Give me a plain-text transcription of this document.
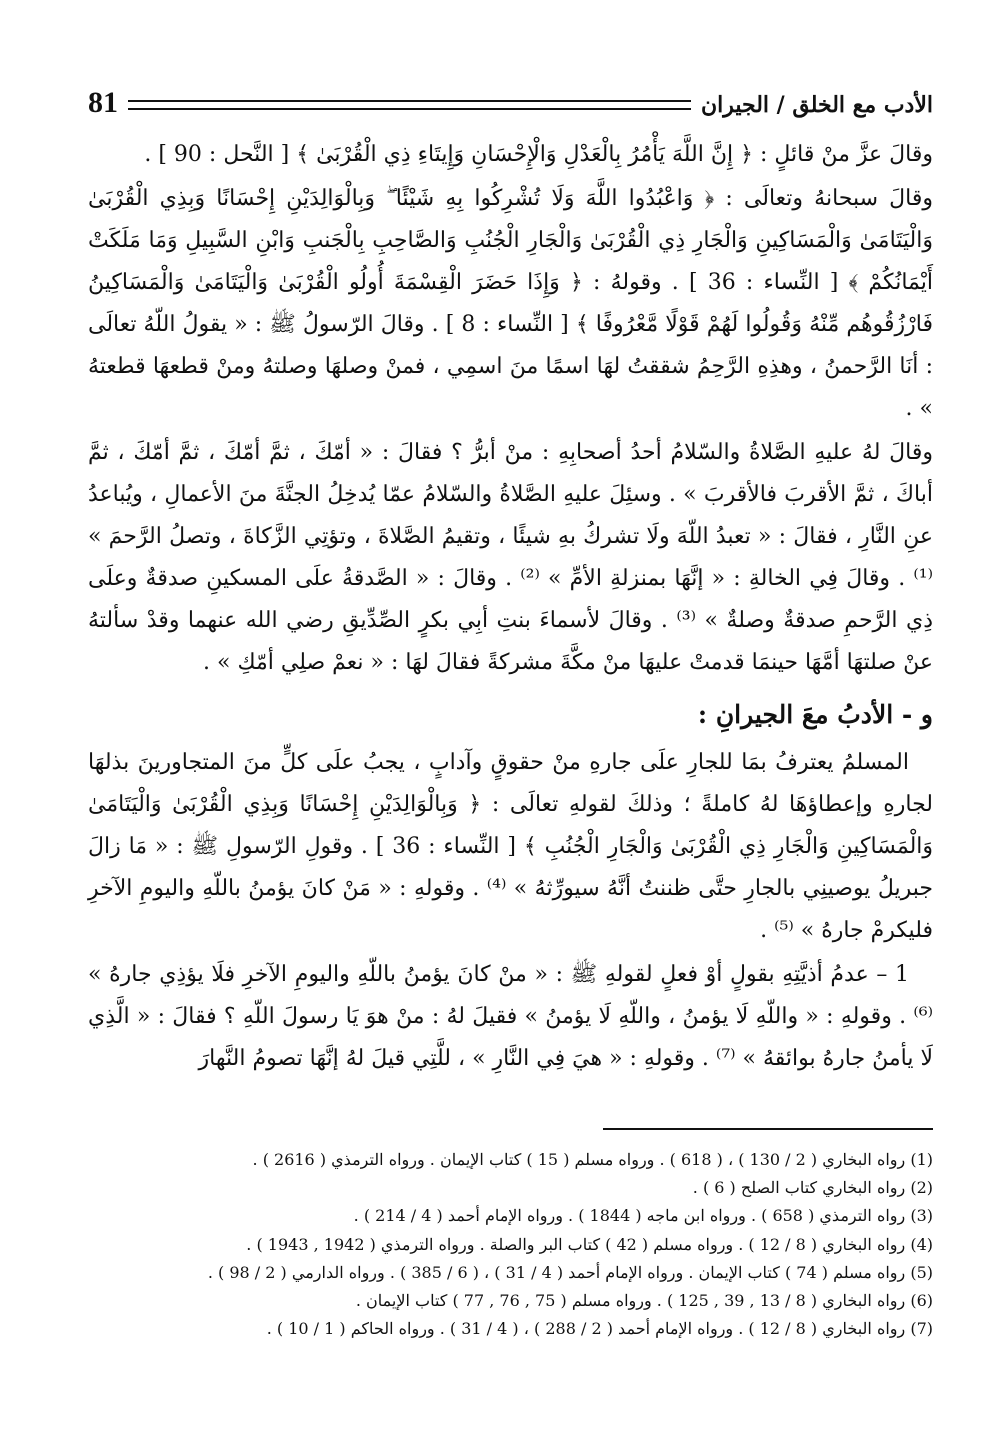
الأدب مع الخلق / الجيران
81

وقالَ عزَّ منْ قائلٍ : ﴿ إِنَّ اللَّهَ يَأْمُرُ بِالْعَدْلِ وَالْإِحْسَانِ وَإِيتَاءِ ذِي الْقُرْبَىٰ ﴾ [ النَّحل : 90 ] .

وقالَ سبحانهُ وتعالَى : ﴿ وَاعْبُدُوا اللَّهَ وَلَا تُشْرِكُوا بِهِ شَيْئًا ۖ وَبِالْوَالِدَيْنِ إِحْسَانًا وَبِذِي الْقُرْبَىٰ وَالْيَتَامَىٰ وَالْمَسَاكِينِ وَالْجَارِ ذِي الْقُرْبَىٰ وَالْجَارِ الْجُنُبِ وَالصَّاحِبِ بِالْجَنبِ وَابْنِ السَّبِيلِ وَمَا مَلَكَتْ أَيْمَانُكُمْ ﴾ [ النِّساء : 36 ] . وقولهُ : ﴿ وَإِذَا حَضَرَ الْقِسْمَةَ أُولُو الْقُرْبَىٰ وَالْيَتَامَىٰ وَالْمَسَاكِينُ فَارْزُقُوهُم مِّنْهُ وَقُولُوا لَهُمْ قَوْلًا مَّعْرُوفًا ﴾ [ النِّساء : 8 ] . وقالَ الرّسولُ ﷺ : « يقولُ اللّهُ تعالَى : أنَا الرَّحمنُ ، وهذِهِ الرَّحِمُ شققتُ لهَا اسمًا منَ اسمِي ، فمنْ وصلهَا وصلتهُ ومنْ قطعهَا قطعتهُ » .

وقالَ لهُ عليهِ الصَّلاةُ والسّلامُ أحدُ أصحابِهِ : منْ أبرُّ ؟ فقالَ : « أمّكَ ، ثمَّ أمّكَ ، ثمَّ أمّكَ ، ثمَّ أباكَ ، ثمَّ الأقربَ فالأقربَ » . وسئِلَ عليهِ الصَّلاةُ والسّلامُ عمّا يُدخِلُ الجنَّةَ منَ الأعمالِ ، ويُباعدُ عنِ النَّارِ ، فقالَ : « تعبدُ اللّهَ ولَا تشركُ بهِ شيئًا ، وتقيمُ الصَّلاةَ ، وتؤتِي الزَّكاةَ ، وتصلُ الرَّحمَ » ⁽¹⁾ . وقالَ فِي الخالةِ : « إنَّهَا بمنزلةِ الأمِّ » ⁽²⁾ . وقالَ : « الصَّدقةُ علَى المسكينِ صدقةٌ وعلَى ذِي الرَّحمِ صدقةٌ وصلةٌ » ⁽³⁾ . وقالَ لأسماءَ بنتِ أبِي بكرٍ الصِّدِّيقِ رضي الله عنهما وقدْ سألتهُ عنْ صلتهَا أمَّهَا حينمَا قدمتْ عليهَا منْ مكَّةَ مشركةً فقالَ لهَا : « نعمْ صلِي أمّكِ » .

و - الأدبُ معَ الجيرانِ :

المسلمُ يعترفُ بمَا للجارِ علَى جارهِ منْ حقوقٍ وآدابٍ ، يجبُ علَى كلٍّ منَ المتجاورينَ بذلهَا لجارهِ وإعطاؤهَا لهُ كاملةً ؛ وذلكَ لقولهِ تعالَى : ﴿ وَبِالْوَالِدَيْنِ إِحْسَانًا وَبِذِي الْقُرْبَىٰ وَالْيَتَامَىٰ وَالْمَسَاكِينِ وَالْجَارِ ذِي الْقُرْبَىٰ وَالْجَارِ الْجُنُبِ ﴾ [ النِّساء : 36 ] . وقولِ الرّسولِ ﷺ : « مَا زالَ جبريلُ يوصينِي بالجارِ حتَّى ظننتُ أنَّهُ سيورِّثهُ » ⁽⁴⁾ . وقولهِ : « مَنْ كانَ يؤمنُ باللّهِ واليومِ الآخرِ فليكرمْ جارهُ » ⁽⁵⁾ .

1 – عدمُ أذيَّتِهِ بقولٍ أوْ فعلٍ لقولهِ ﷺ : « منْ كانَ يؤمنُ باللّهِ واليومِ الآخرِ فلَا يؤذِي جارهُ » ⁽⁶⁾ . وقولهِ : « واللّهِ لَا يؤمنُ ، واللّهِ لَا يؤمنُ » فقيلَ لهُ : منْ هوَ يَا رسولَ اللّهِ ؟ فقالَ : « الَّذِي لَا يأمنُ جارهُ بوائقهُ » ⁽⁷⁾ . وقولهِ : « هيَ فِي النَّارِ » ، للَّتِي قيلَ لهُ إنَّهَا تصومُ النَّهارَ

(1) رواه البخاري ( 2 / 130 ) ، ( 618 ) . ورواه مسلم ( 15 ) كتاب الإيمان . ورواه الترمذي ( 2616 ) .
(2) رواه البخاري كتاب الصلح ( 6 ) .
(3) رواه الترمذي ( 658 ) . ورواه ابن ماجه ( 1844 ) . ورواه الإمام أحمد ( 4 / 214 ) .
(4) رواه البخاري ( 8 / 12 ) . ورواه مسلم ( 42 ) كتاب البر والصلة . ورواه الترمذي ( 1942 , 1943 ) .
(5) رواه مسلم ( 74 ) كتاب الإيمان . ورواه الإمام أحمد ( 4 / 31 ) ، ( 6 / 385 ) . ورواه الدارمي ( 2 / 98 ) .
(6) رواه البخاري ( 8 / 13 , 39 , 125 ) . ورواه مسلم ( 75 , 76 , 77 ) كتاب الإيمان .
(7) رواه البخاري ( 8 / 12 ) . ورواه الإمام أحمد ( 2 / 288 ) ، ( 4 / 31 ) . ورواه الحاكم ( 1 / 10 ) .
